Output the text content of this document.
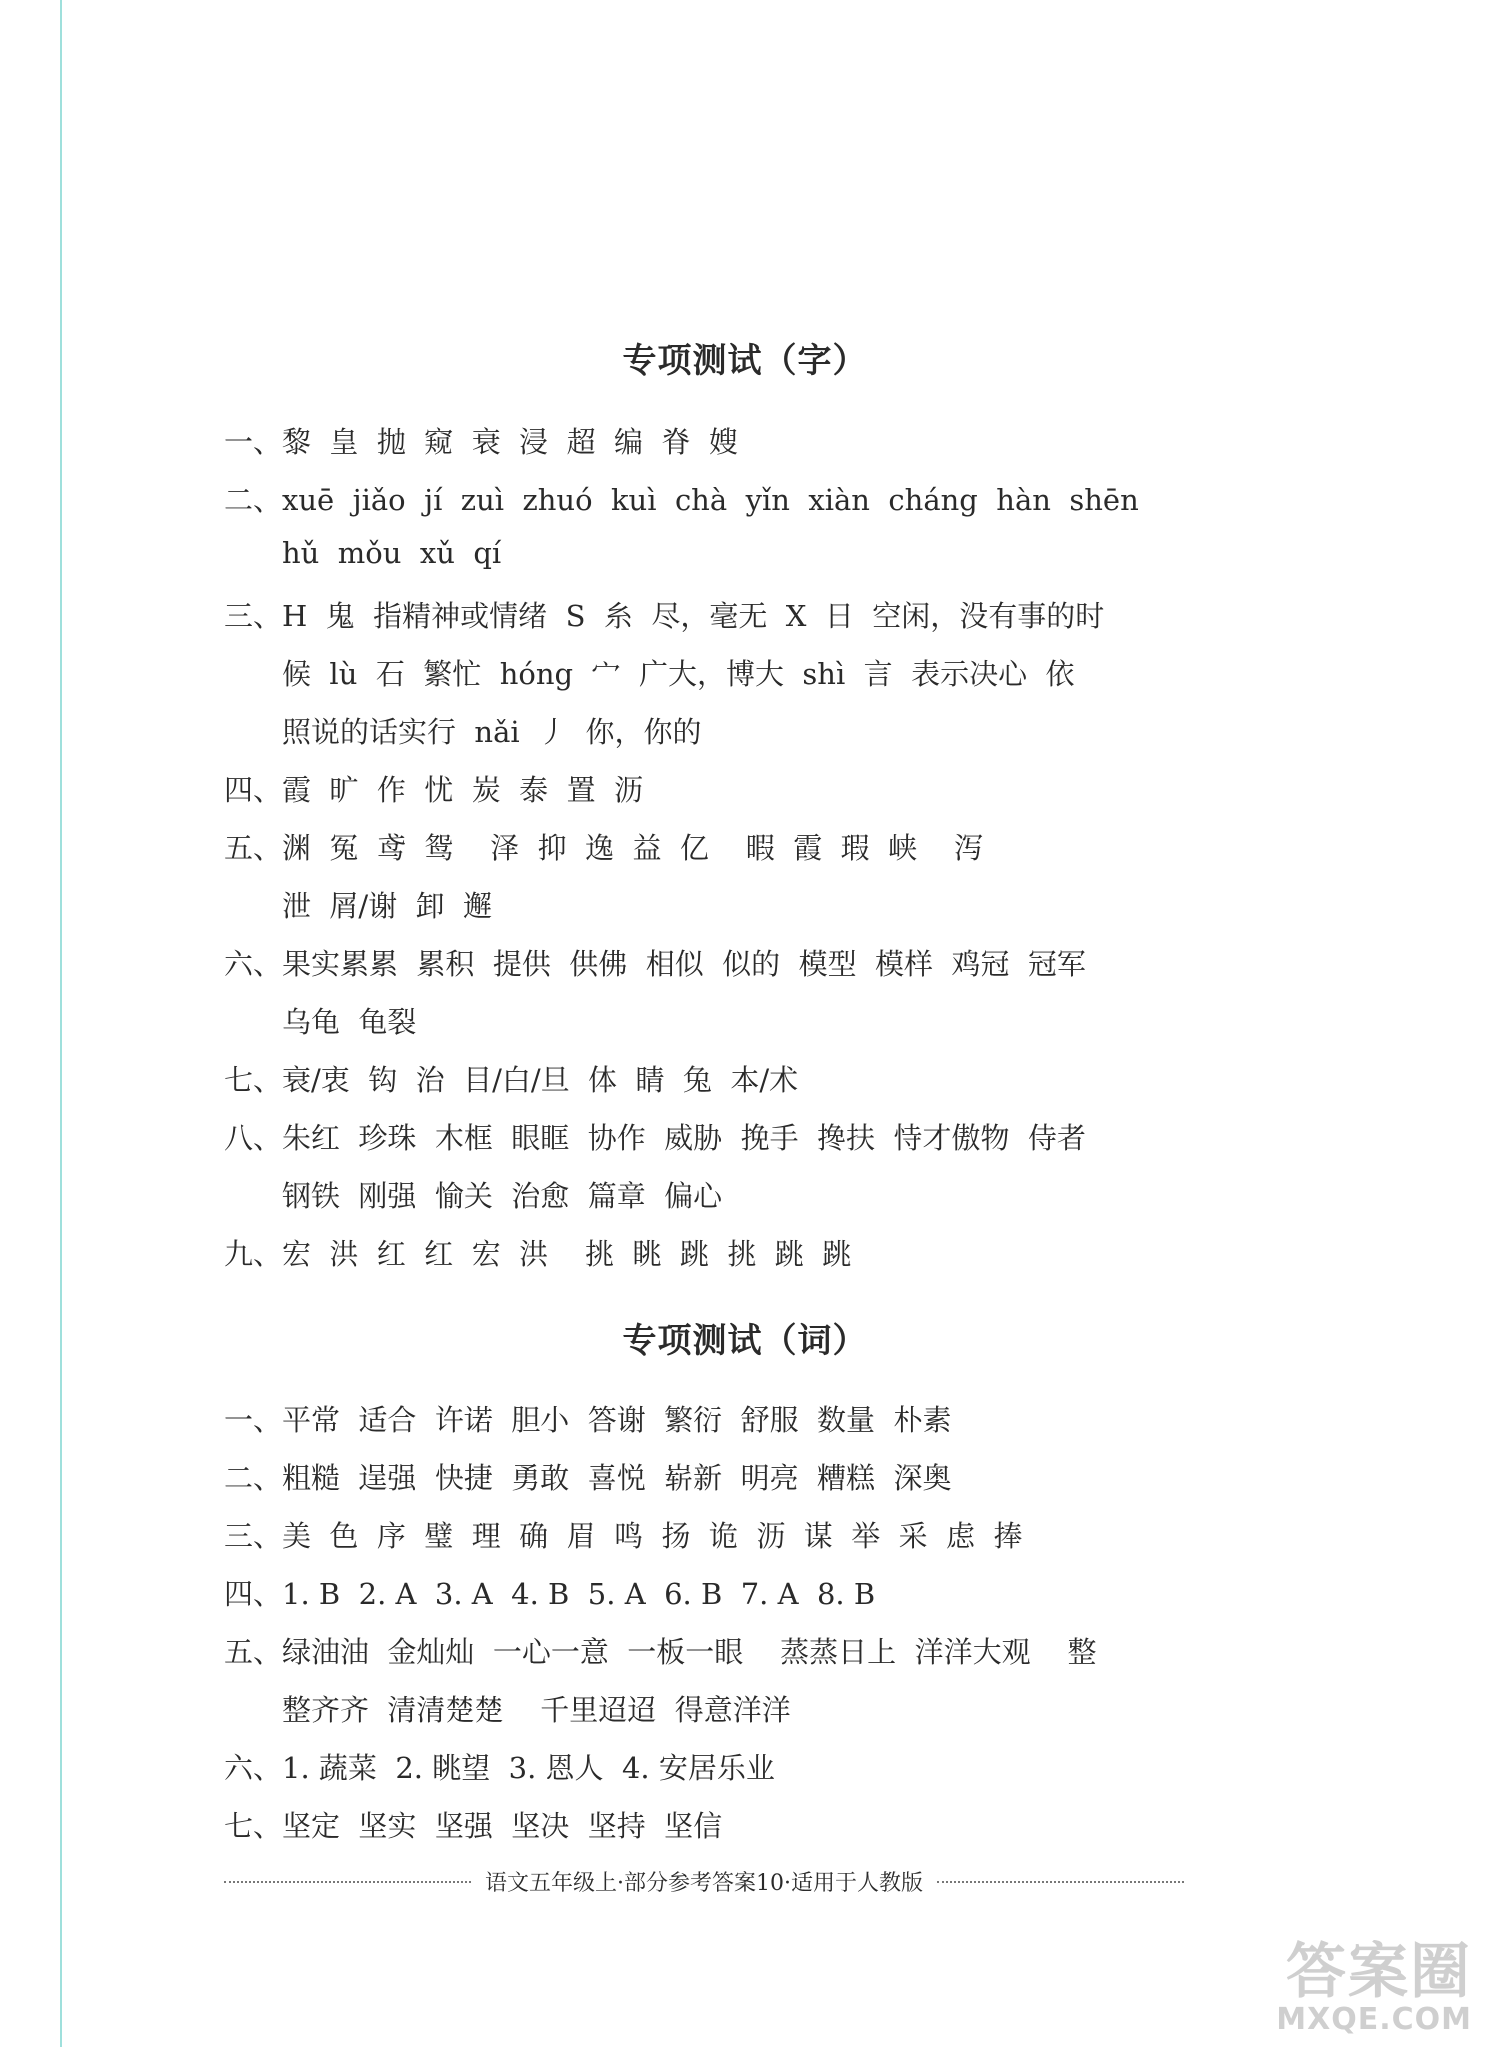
专项测试（字）
一、黎  皇  抛  窥  衰  浸  超  编  脊  嫂
二、xuē  jiǎo  jí  zuì  zhuó  kuì  chà  yǐn  xiàn  cháng  hàn  shēn
hǔ  mǒu  xǔ  qí
三、H  鬼  指精神或情绪  S  糸  尽，毫无  X  日  空闲，没有事的时
候  lù  石  繁忙  hóng  宀  广大，博大  shì  言  表示决心  依
照说的话实行  nǎi  丿  你，你的
四、霞  旷  作  忧  炭  泰  置  沥
五、渊  冤  鸢  鸳    泽  抑  逸  益  亿    暇  霞  瑕  峡    泻
泄  屑/谢  卸  邂
六、果实累累  累积  提供  供佛  相似  似的  模型  模样  鸡冠  冠军
乌龟  龟裂
七、衰/衷  钩  治  目/白/旦  体  睛  兔  本/术
八、朱红  珍珠  木框  眼眶  协作  威胁  挽手  搀扶  恃才傲物  侍者
钢铁  刚强  愉关  治愈  篇章  偏心
九、宏  洪  红  红  宏  洪    挑  眺  跳  挑  跳  跳
专项测试（词）
一、平常  适合  许诺  胆小  答谢  繁衍  舒服  数量  朴素
二、粗糙  逞强  快捷  勇敢  喜悦  崭新  明亮  糟糕  深奥
三、美  色  序  璧  理  确  眉  鸣  扬  诡  沥  谋  举  采  虑  捧
四、1. B  2. A  3. A  4. B  5. A  6. B  7. A  8. B
五、绿油油  金灿灿  一心一意  一板一眼    蒸蒸日上  洋洋大观    整
整齐齐  清清楚楚    千里迢迢  得意洋洋
六、1. 蔬菜  2. 眺望  3. 恩人  4. 安居乐业
七、坚定  坚实  坚强  坚决  坚持  坚信
语文五年级上·部分参考答案10·适用于人教版
答案圈
MXQE.COM
